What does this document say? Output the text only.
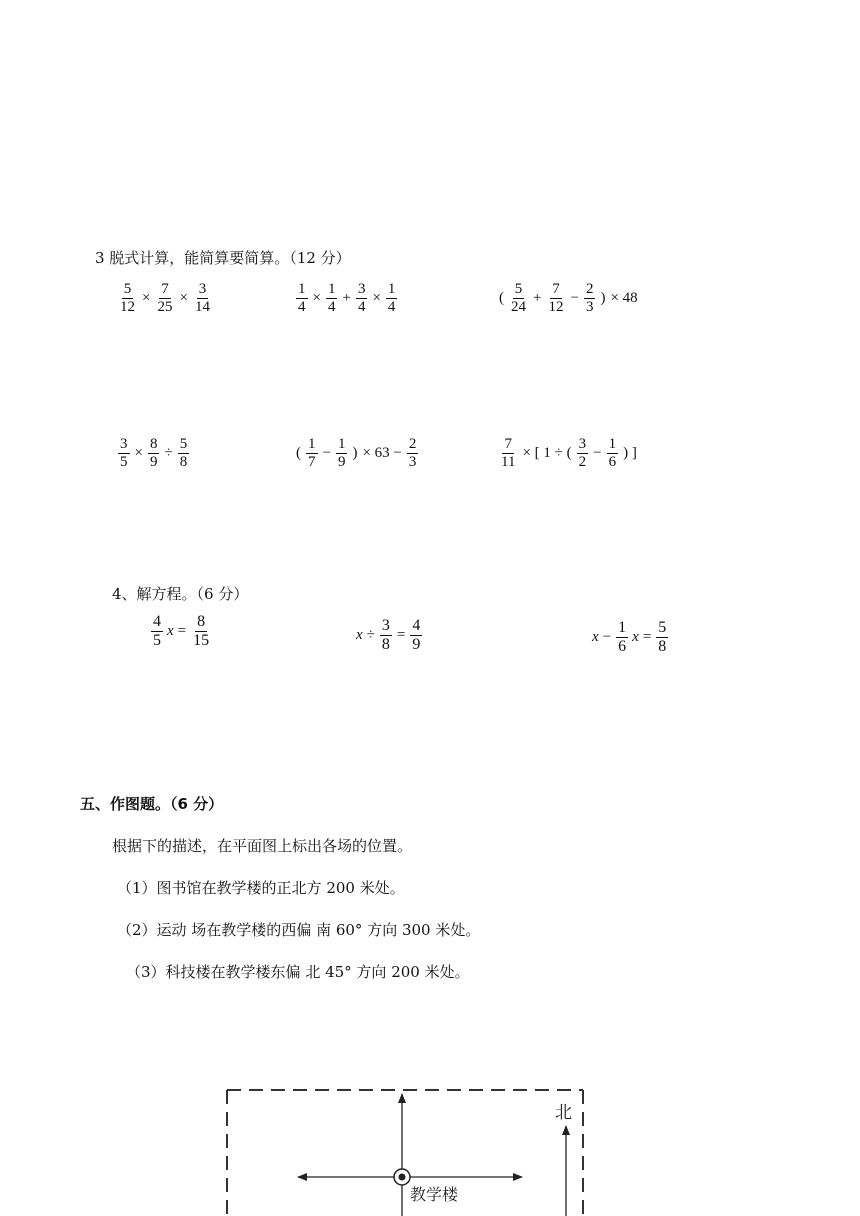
3 脱式计算，能简算要简算。（12 分）
$\frac{5}{12} \times \frac{7}{25} \times \frac{3}{14}$	$\frac{1}{4} \times \frac{1}{4} + \frac{3}{4} \times \frac{1}{4}$	( $\frac{5}{24} + \frac{7}{12} - \frac{2}{3}$ ) × 48
$\frac{3}{5} \times \frac{8}{9} \div \frac{5}{8}$	( $\frac{1}{7} - \frac{1}{9}$ ) × $63 - \frac{2}{3}$	$\frac{7}{11}$ × [ 1 ÷ ( $\frac{3}{2} - \frac{1}{6}$ ) ]
4、解方程。（6 分）
$\frac{4}{5}$ $x = \frac{8}{15}$	$x \div \frac{3}{8} = \frac{4}{9}$	$x - \frac{1}{6}$ $x = \frac{5}{8}$
五、作图题。（6 分）
根据下的描述，在平面图上标出各场的位置。
（1）图书馆在教学楼的正北方 200 米处。
（2）运动 场在教学楼的西偏 南 60° 方向 300 米处。
（3）科技楼在教学楼东偏 北 45° 方向 200 米处。
北
教学楼
